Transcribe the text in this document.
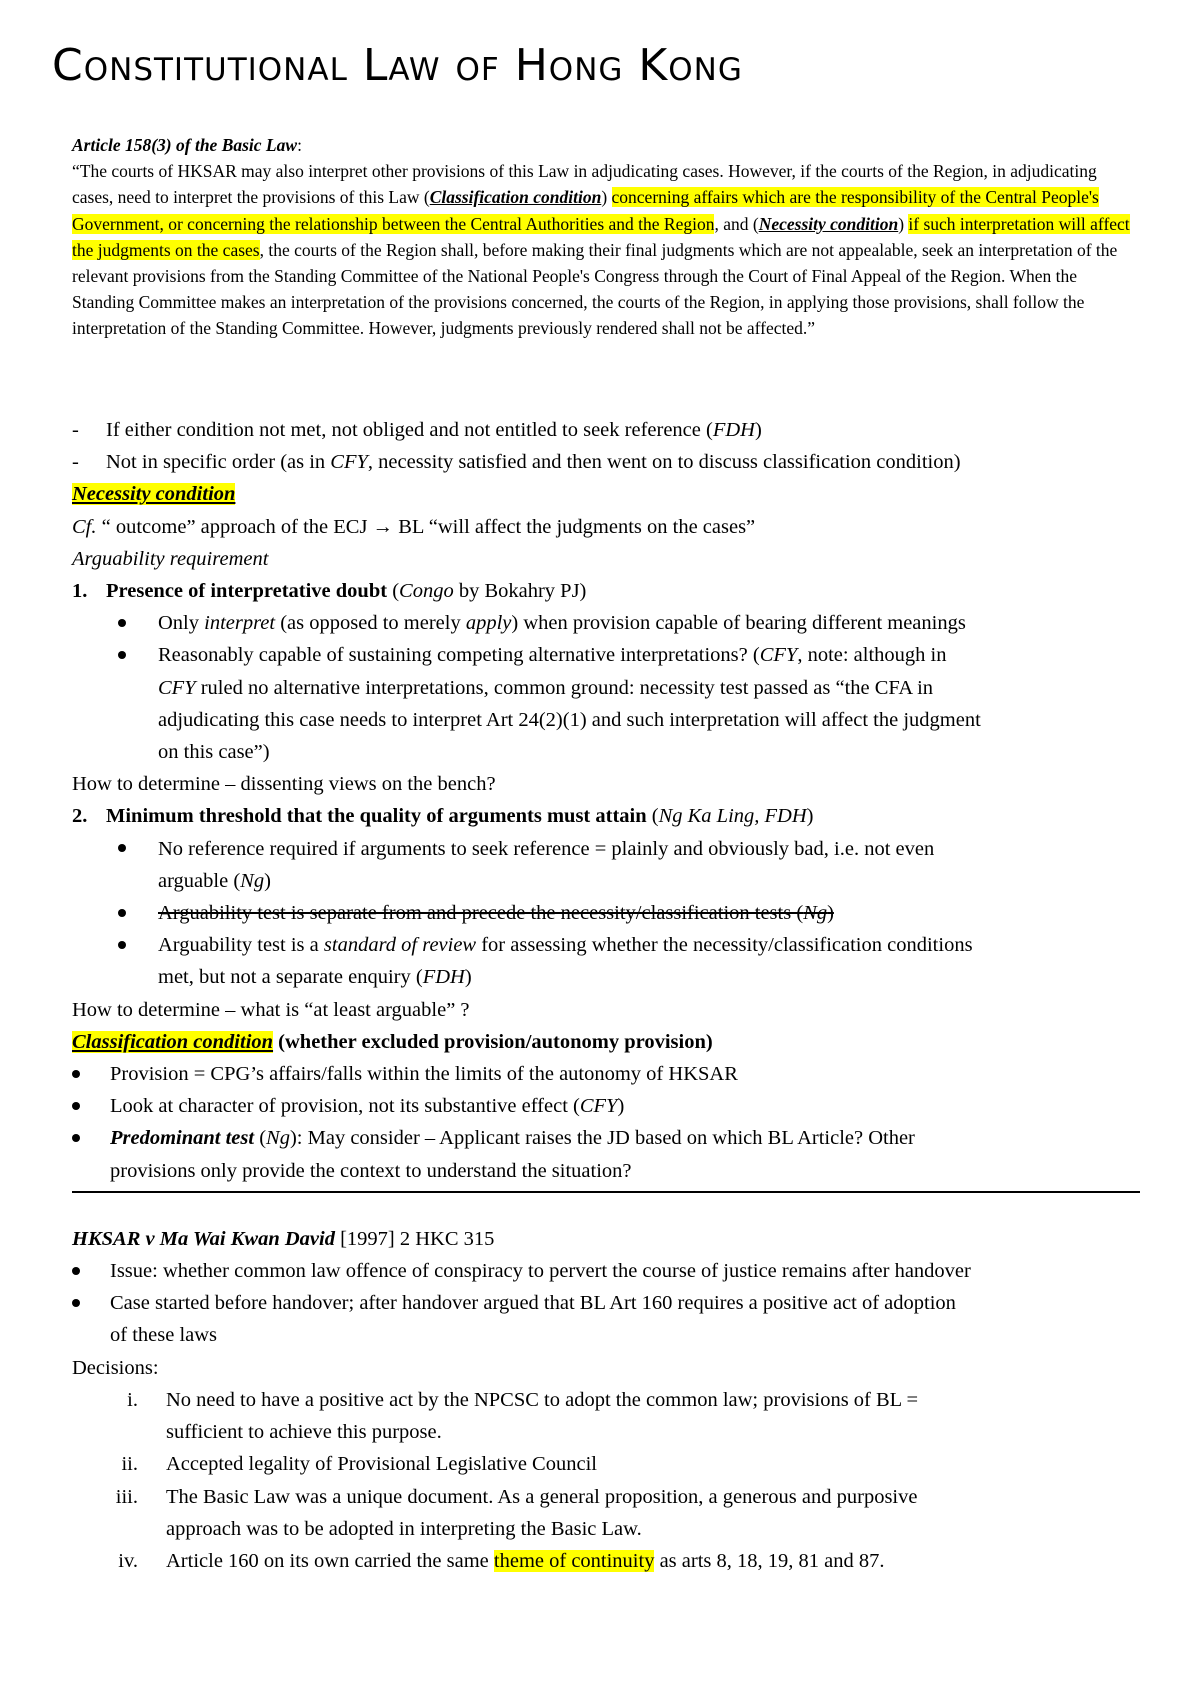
Constitutional Law of Hong Kong
Article 158(3) of the Basic Law:
“The courts of HKSAR may also interpret other provisions of this Law in adjudicating cases. However, if the courts of the Region, in adjudicating cases, need to interpret the provisions of this Law (Classification condition) concerning affairs which are the responsibility of the Central People's Government, or concerning the relationship between the Central Authorities and the Region, and (Necessity condition) if such interpretation will affect the judgments on the cases, the courts of the Region shall, before making their final judgments which are not appealable, seek an interpretation of the relevant provisions from the Standing Committee of the National People's Congress through the Court of Final Appeal of the Region. When the Standing Committee makes an interpretation of the provisions concerned, the courts of the Region, in applying those provisions, shall follow the interpretation of the Standing Committee. However, judgments previously rendered shall not be affected.”
-	If either condition not met, not obliged and not entitled to seek reference (FDH)
-	Not in specific order (as in CFY, necessity satisfied and then went on to discuss classification condition)
Necessity condition
Cf. “ outcome” approach of the ECJ → BL “will affect the judgments on the cases”
Arguability requirement
1. Presence of interpretative doubt (Congo by Bokahry PJ)
Only interpret (as opposed to merely apply) when provision capable of bearing different meanings
Reasonably capable of sustaining competing alternative interpretations? (CFY, note: although in
CFY ruled no alternative interpretations, common ground: necessity test passed as “the CFA in
adjudicating this case needs to interpret Art 24(2)(1) and such interpretation will affect the judgment
on this case”)
How to determine – dissenting views on the bench?
2. Minimum threshold that the quality of arguments must attain (Ng Ka Ling, FDH)
No reference required if arguments to seek reference = plainly and obviously bad, i.e. not even
arguable (Ng)
Arguability test is separate from and precede the necessity/classification tests (Ng)
Arguability test is a standard of review for assessing whether the necessity/classification conditions
met, but not a separate enquiry (FDH)
How to determine – what is “at least arguable” ?
Classification condition (whether excluded provision/autonomy provision)
Provision = CPG’s affairs/falls within the limits of the autonomy of HKSAR
Look at character of provision, not its substantive effect (CFY)
Predominant test (Ng): May consider – Applicant raises the JD based on which BL Article? Other
provisions only provide the context to understand the situation?
HKSAR v Ma Wai Kwan David [1997] 2 HKC 315
Issue: whether common law offence of conspiracy to pervert the course of justice remains after handover
Case started before handover; after handover argued that BL Art 160 requires a positive act of adoption
of these laws
Decisions:
i.	No need to have a positive act by the NPCSC to adopt the common law; provisions of BL =
sufficient to achieve this purpose.
ii.	Accepted legality of Provisional Legislative Council
iii.	The Basic Law was a unique document. As a general proposition, a generous and purposive
approach was to be adopted in interpreting the Basic Law.
iv.	Article 160 on its own carried the same theme of continuity as arts 8, 18, 19, 81 and 87.
